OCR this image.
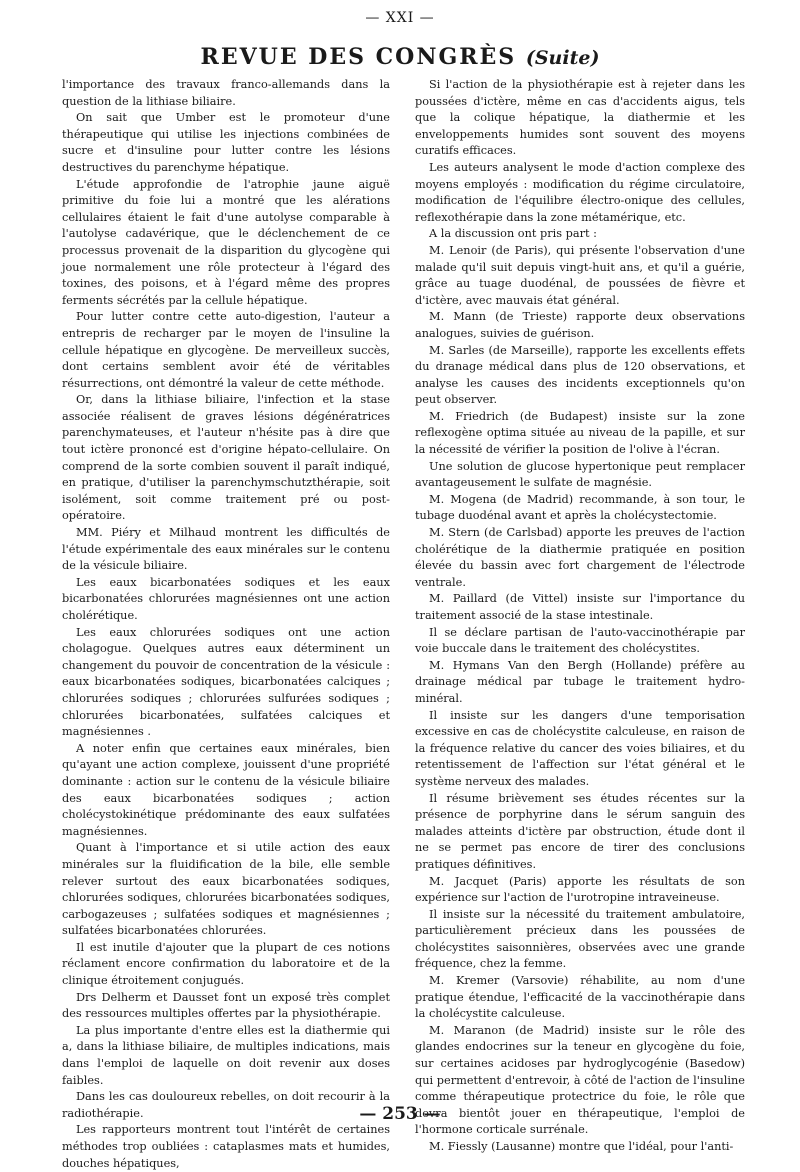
— XXI —
REVUE DES CONGRÈS (Suite)

l'importance des travaux franco-allemands dans la question de la lithiase biliaire.

On sait que Umber est le promoteur d'une thérapeutique qui utilise les injections combinées de sucre et d'insuline pour lutter contre les lésions destructives du parenchyme hépatique.

L'étude approfondie de l'atrophie jaune aiguë primitive du foie lui a montré que les alérations cellulaires étaient le fait d'une autolyse comparable à l'autolyse cadavérique, que le déclenchement de ce processus provenait de la disparition du glycogène qui joue normalement une rôle protecteur à l'égard des toxines, des poisons, et à l'égard même des propres ferments sécrétés par la cellule hépatique.

Pour lutter contre cette auto-digestion, l'auteur a entrepris de recharger par le moyen de l'insuline la cellule hépatique en glycogène. De merveilleux succès, dont certains semblent avoir été de véritables résurrections, ont démontré la valeur de cette méthode.

Or, dans la lithiase biliaire, l'infection et la stase associée réalisent de graves lésions dégénératrices parenchymateuses, et l'auteur n'hésite pas à dire que tout ictère prononcé est d'origine hépato-cellulaire. On comprend de la sorte combien souvent il paraît indiqué, en pratique, d'utiliser la parenchymschutzthérapie, soit isolément, soit comme traitement pré ou post-opératoire.

MM. Piéry et Milhaud montrent les difficultés de l'étude expérimentale des eaux minérales sur le contenu de la vésicule biliaire.

Les eaux bicarbonatées sodiques et les eaux bicarbonatées chlorurées magnésiennes ont une action cholérétique.

Les eaux chlorurées sodiques ont une action cholagogue. Quelques autres eaux déterminent un changement du pouvoir de concentration de la vésicule : eaux bicarbonatées sodiques, bicarbonatées calciques ; chlorurées sodiques ; chlorurées sulfurées sodiques ; chlorurées bicarbonatées, sulfatées calciques et magnésiennes .

A noter enfin que certaines eaux minérales, bien qu'ayant une action complexe, jouissent d'une propriété dominante : action sur le contenu de la vésicule biliaire des eaux bicarbonatées sodiques ; action cholécystokinétique prédominante des eaux sulfatées magnésiennes.

Quant à l'importance et si utile action des eaux minérales sur la fluidification de la bile, elle semble relever surtout des eaux bicarbonatées sodiques, chlorurées sodiques, chlorurées bicarbonatées sodiques, carbogazeuses ; sulfatées sodiques et magnésiennes ; sulfatées bicarbonatées chlorurées.

Il est inutile d'ajouter que la plupart de ces notions réclament encore confirmation du laboratoire et de la clinique étroitement conjugués.

Drs Delherm et Dausset font un exposé très complet des ressources multiples offertes par la physiothérapie.

La plus importante d'entre elles est la diathermie qui a, dans la lithiase biliaire, de multiples indications, mais dans l'emploi de laquelle on doit revenir aux doses faibles.

Dans les cas douloureux rebelles, on doit recourir à la radiothérapie.

Les rapporteurs montrent tout l'intérêt de certaines méthodes trop oubliées : cataplasmes mats et humides, douches hépatiques,

Si l'action de la physiothérapie est à rejeter dans les poussées d'ictère, même en cas d'accidents aigus, tels que la colique hépatique, la diathermie et les enveloppements humides sont souvent des moyens curatifs efficaces.

Les auteurs analysent le mode d'action complexe des moyens employés : modification du régime circulatoire, modification de l'équilibre électro-onique des cellules, reflexothérapie dans la zone métamérique, etc.

A la discussion ont pris part :

M. Lenoir (de Paris), qui présente l'observation d'une malade qu'il suit depuis vingt-huit ans, et qu'il a guérie, grâce au tuage duodénal, de poussées de fièvre et d'ictère, avec mauvais état général.

M. Mann (de Trieste) rapporte deux observations analogues, suivies de guérison.

M. Sarles (de Marseille), rapporte les excellents effets du dranage médical dans plus de 120 observations, et analyse les causes des incidents exceptionnels qu'on peut observer.

M. Friedrich (de Budapest) insiste sur la zone reflexogène optima située au niveau de la papille, et sur la nécessité de vérifier la position de l'olive à l'écran.

Une solution de glucose hypertonique peut remplacer avantageusement le sulfate de magnésie.

M. Mogena (de Madrid) recommande, à son tour, le tubage duodénal avant et après la cholécystectomie.

M. Stern (de Carlsbad) apporte les preuves de l'action cholérétique de la diathermie pratiquée en position élevée du bassin avec fort chargement de l'électrode ventrale.

M. Paillard (de Vittel) insiste sur l'importance du traitement associé de la stase intestinale.

Il se déclare partisan de l'auto-vaccinothérapie par voie buccale dans le traitement des cholécystites.

M. Hymans Van den Bergh (Hollande) préfère au drainage médical par tubage le traitement hydro-minéral.

Il insiste sur les dangers d'une temporisation excessive en cas de cholécystite calculeuse, en raison de la fréquence relative du cancer des voies biliaires, et du retentissement de l'affection sur l'état général et le système nerveux des malades.

Il résume brièvement ses études récentes sur la présence de porphyrine dans le sérum sanguin des malades atteints d'ictère par obstruction, étude dont il ne se permet pas encore de tirer des conclusions pratiques définitives.

M. Jacquet (Paris) apporte les résultats de son expérience sur l'action de l'urotropine intraveineuse.

Il insiste sur la nécessité du traitement ambulatoire, particulièrement précieux dans les poussées de cholécystites saisonnières, observées avec une grande fréquence, chez la femme.

M. Kremer (Varsovie) réhabilite, au nom d'une pratique étendue, l'efficacité de la vaccinothérapie dans la cholécystite calculeuse.

M. Maranon (de Madrid) insiste sur le rôle des glandes endocrines sur la teneur en glycogène du foie, sur certaines acidoses par hydroglycogénie (Basedow) qui permettent d'entrevoir, à côté de l'action de l'insuline comme thérapeutique protectrice du foie, le rôle que devra bientôt jouer en thérapeutique, l'emploi de l'hormone corticale surrénale.

M. Fiessly (Lausanne) montre que l'idéal, pour l'anti-

— 253 —
